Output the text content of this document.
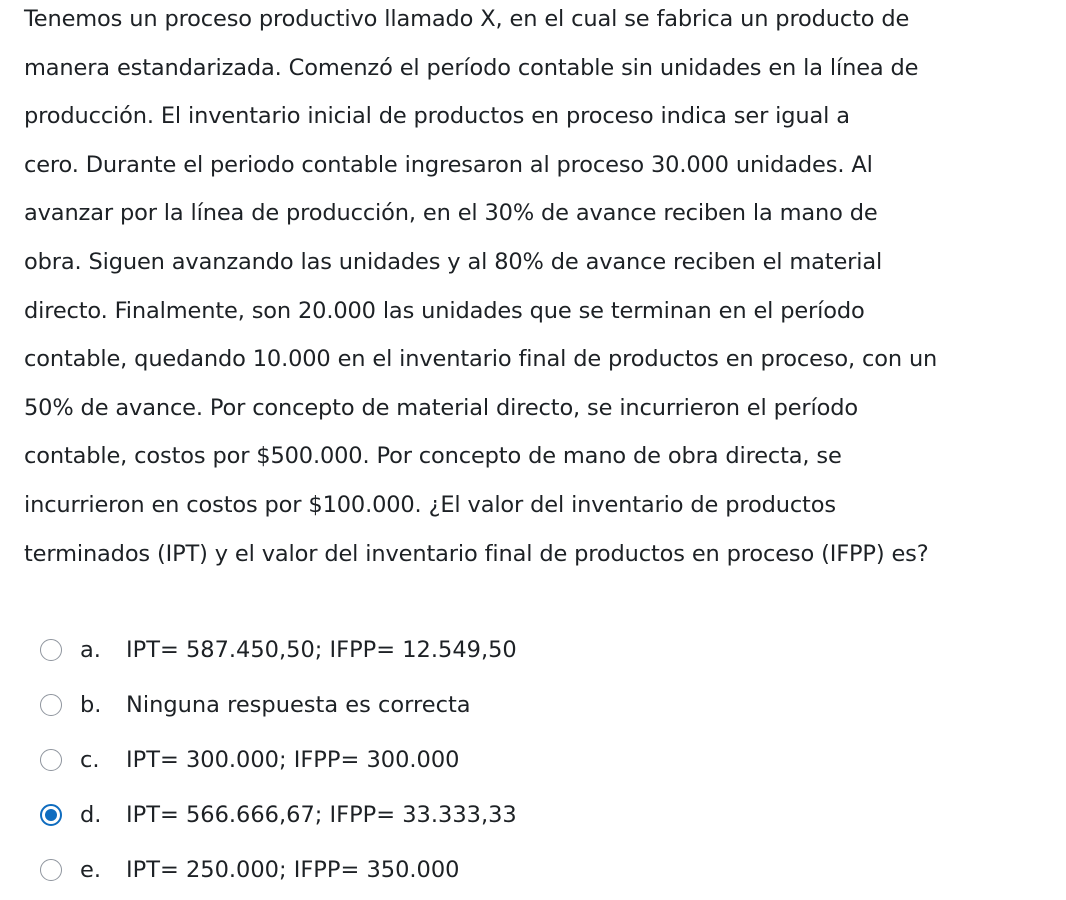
Tenemos un proceso productivo llamado X, en el cual se fabrica un producto de
manera estandarizada. Comenzó el período contable sin unidades en la línea de
producción. El inventario inicial de productos en proceso indica ser igual a
cero. Durante el periodo contable ingresaron al proceso 30.000 unidades. Al
avanzar por la línea de producción, en el 30% de avance reciben la mano de
obra. Siguen avanzando las unidades y al 80% de avance reciben el material
directo. Finalmente, son 20.000 las unidades que se terminan en el período
contable, quedando 10.000 en el inventario final de productos en proceso, con un
50% de avance. Por concepto de material directo, se incurrieron el período
contable, costos por $500.000. Por concepto de mano de obra directa, se
incurrieron en costos por $100.000. ¿El valor del inventario de productos
terminados (IPT) y el valor del inventario final de productos en proceso (IFPP) es?
a. IPT= 587.450,50; IFPP= 12.549,50
b. Ninguna respuesta es correcta
c. IPT= 300.000; IFPP= 300.000
d. IPT= 566.666,67; IFPP= 33.333,33
e. IPT= 250.000; IFPP= 350.000
